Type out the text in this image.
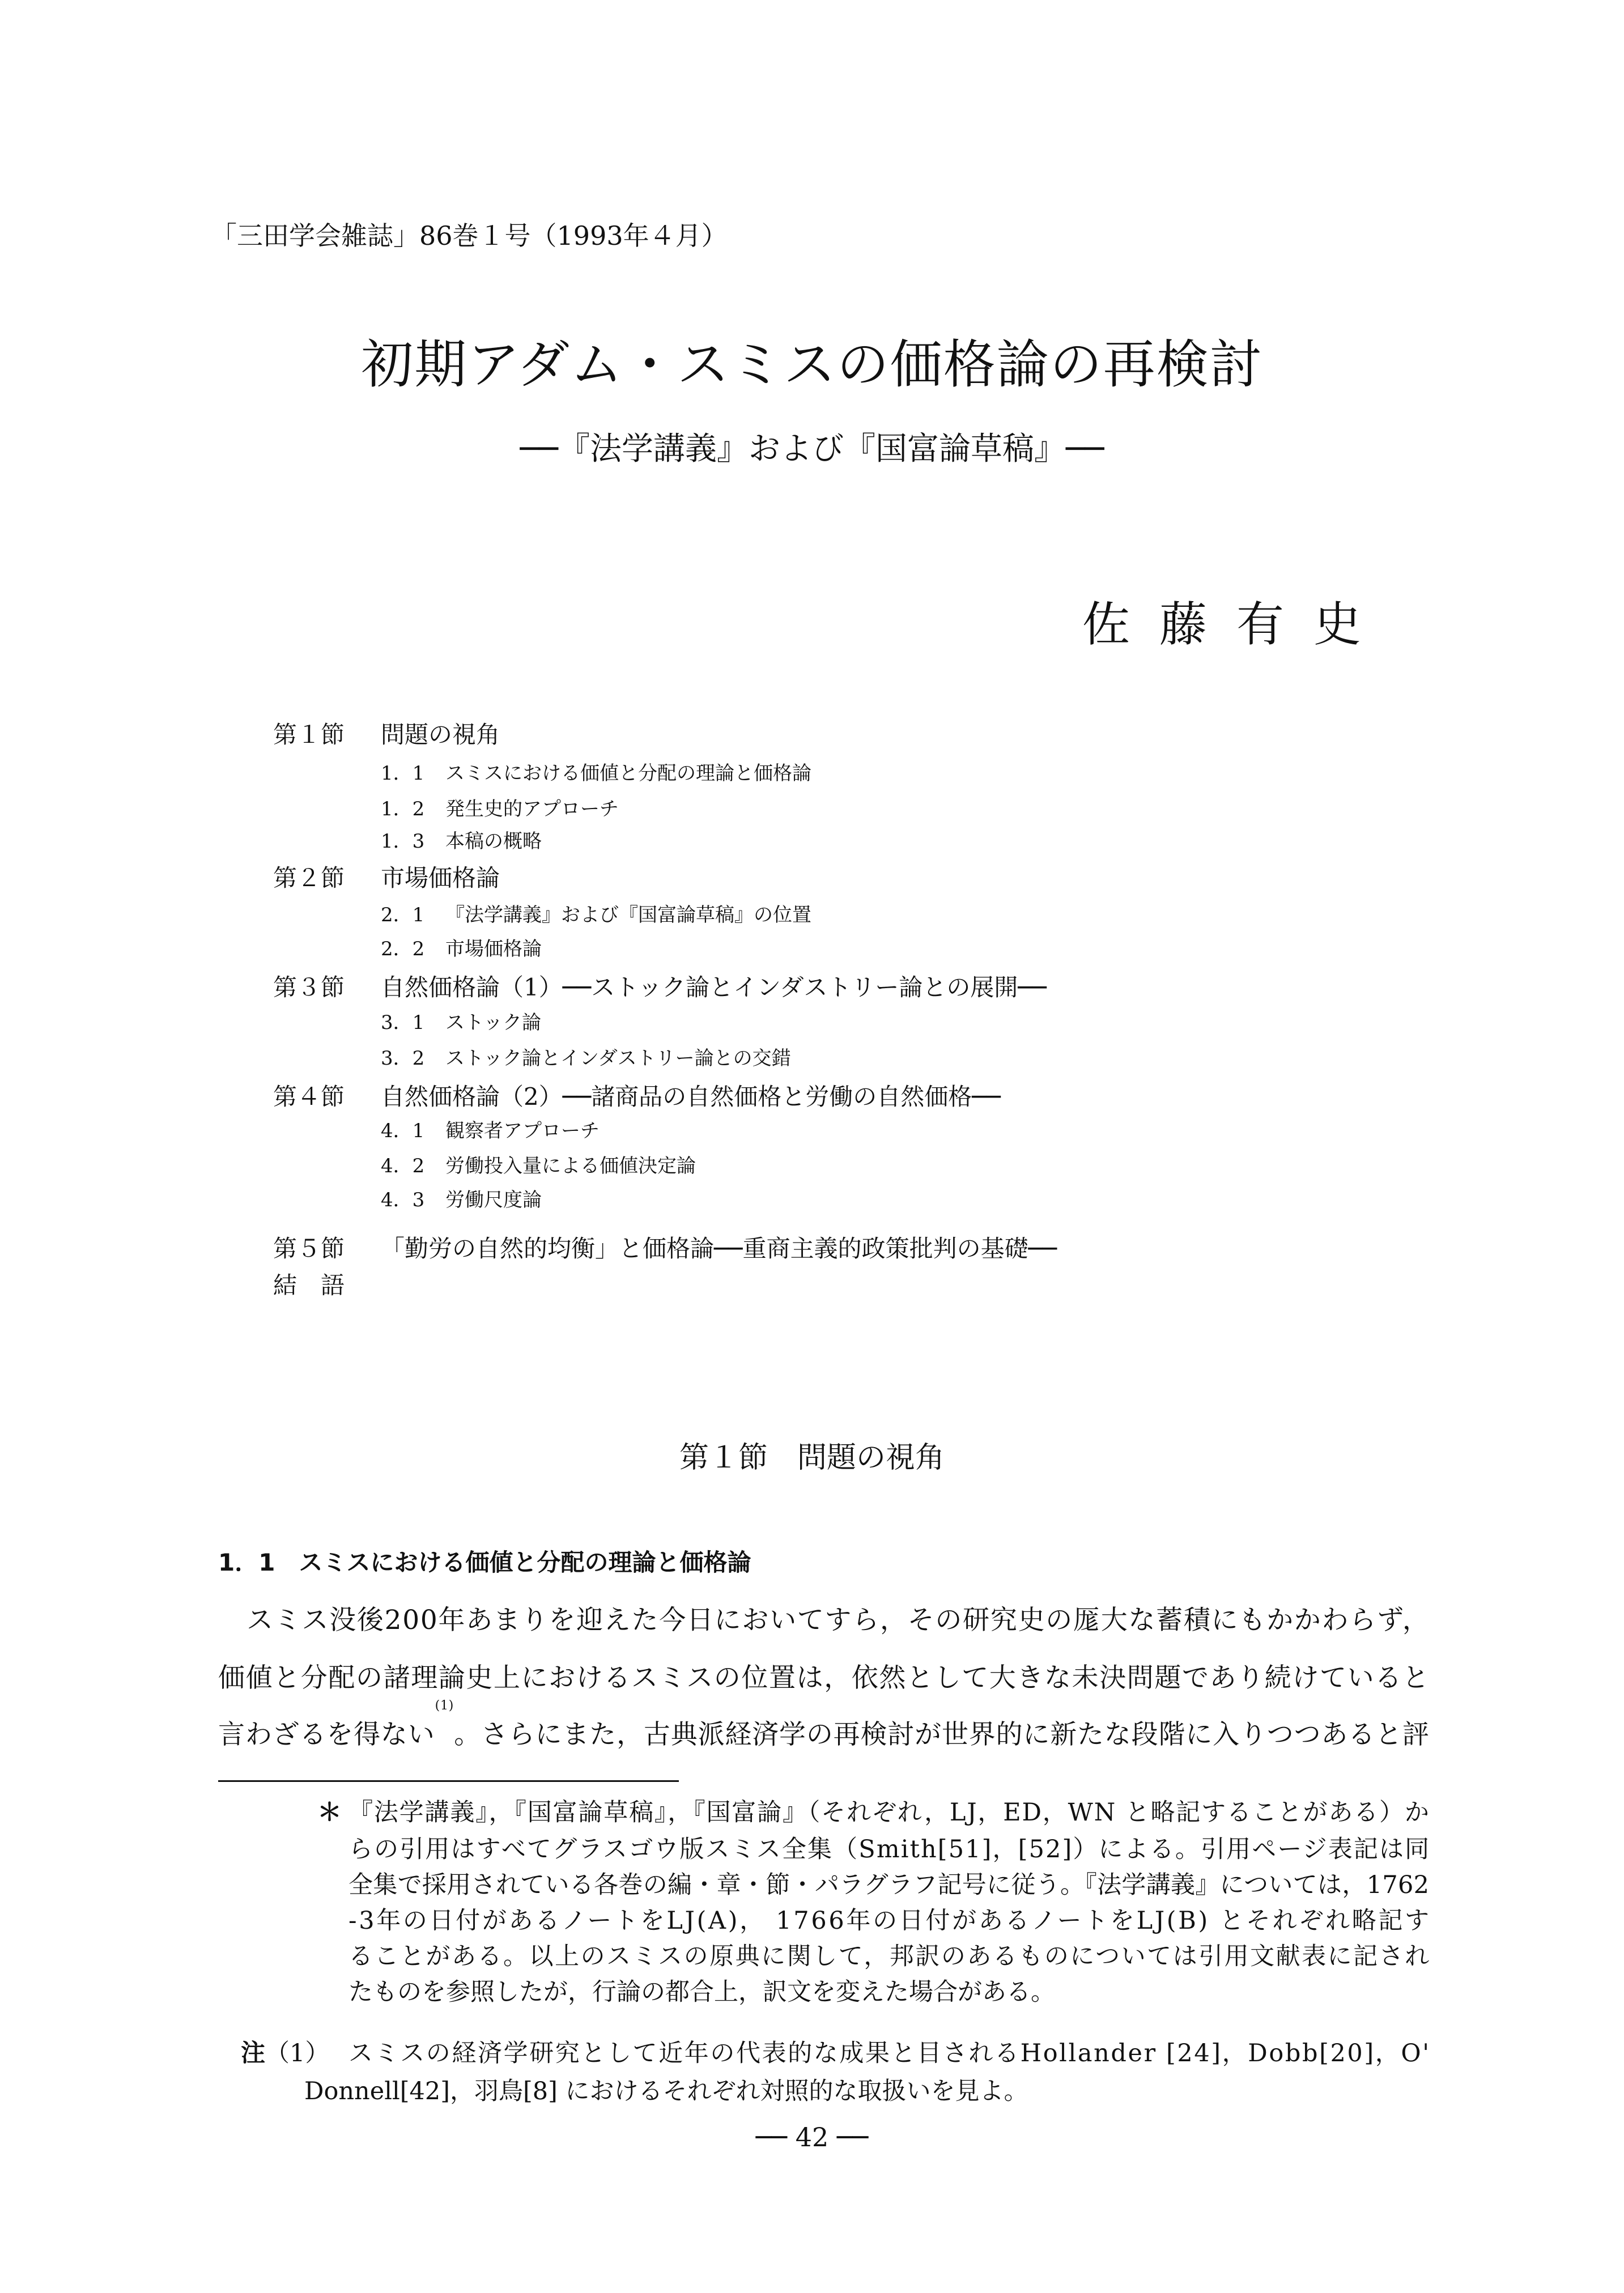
「三田学会雑誌」86巻１号（1993年４月）
初期アダム・スミスの価格論の再検討
──『法学講義』および『国富論草稿』──
佐藤有史
第１節 問題の視角
1．1 スミスにおける価値と分配の理論と価格論
1．2 発生史的アプローチ
1．3 本稿の概略
第２節 市場価格論
2．1 『法学講義』および『国富論草稿』の位置
2．2 市場価格論
第３節 自然価格論（1）──ストック論とインダストリー論との展開──
3．1 ストック論
3．2 ストック論とインダストリー論との交錯
第４節 自然価格論（2）──諸商品の自然価格と労働の自然価格──
4．1 観察者アプローチ
4．2 労働投入量による価値決定論
4．3 労働尺度論
第５節 「勤労の自然的均衡」と価格論──重商主義的政策批判の基礎──
結　語
第１節　問題の視角
1．1　スミスにおける価値と分配の理論と価格論
スミス没後200年あまりを迎えた今日においてすら，その研究史の厖大な蓄積にもかかわらず，
価値と分配の諸理論史上におけるスミスの位置は，依然として大きな未決問題であり続けていると
言わざるを得ない$^{(1)}$。さらにまた，古典派経済学の再検討が世界的に新たな段階に入りつつあると評
＊ 『法学講義』，『国富論草稿』，『国富論』（それぞれ，LJ，ED，WN と略記することがある）か
らの引用はすべてグラスゴウ版スミス全集（Smith[51]，[52]）による。引用ページ表記は同
全集で採用されている各巻の編・章・節・パラグラフ記号に従う。『法学講義』については，1762
-3年の日付があるノートをLJ(A)， 1766年の日付があるノートをLJ(B) とそれぞれ略記す
ることがある。以上のスミスの原典に関して，邦訳のあるものについては引用文献表に記され
たものを参照したが，行論の都合上，訳文を変えた場合がある。
注（1） スミスの経済学研究として近年の代表的な成果と目されるHollander [24]，Dobb[20]，O'
Donnell[42]，羽鳥[8] におけるそれぞれ対照的な取扱いを見よ。
── 42 ──
